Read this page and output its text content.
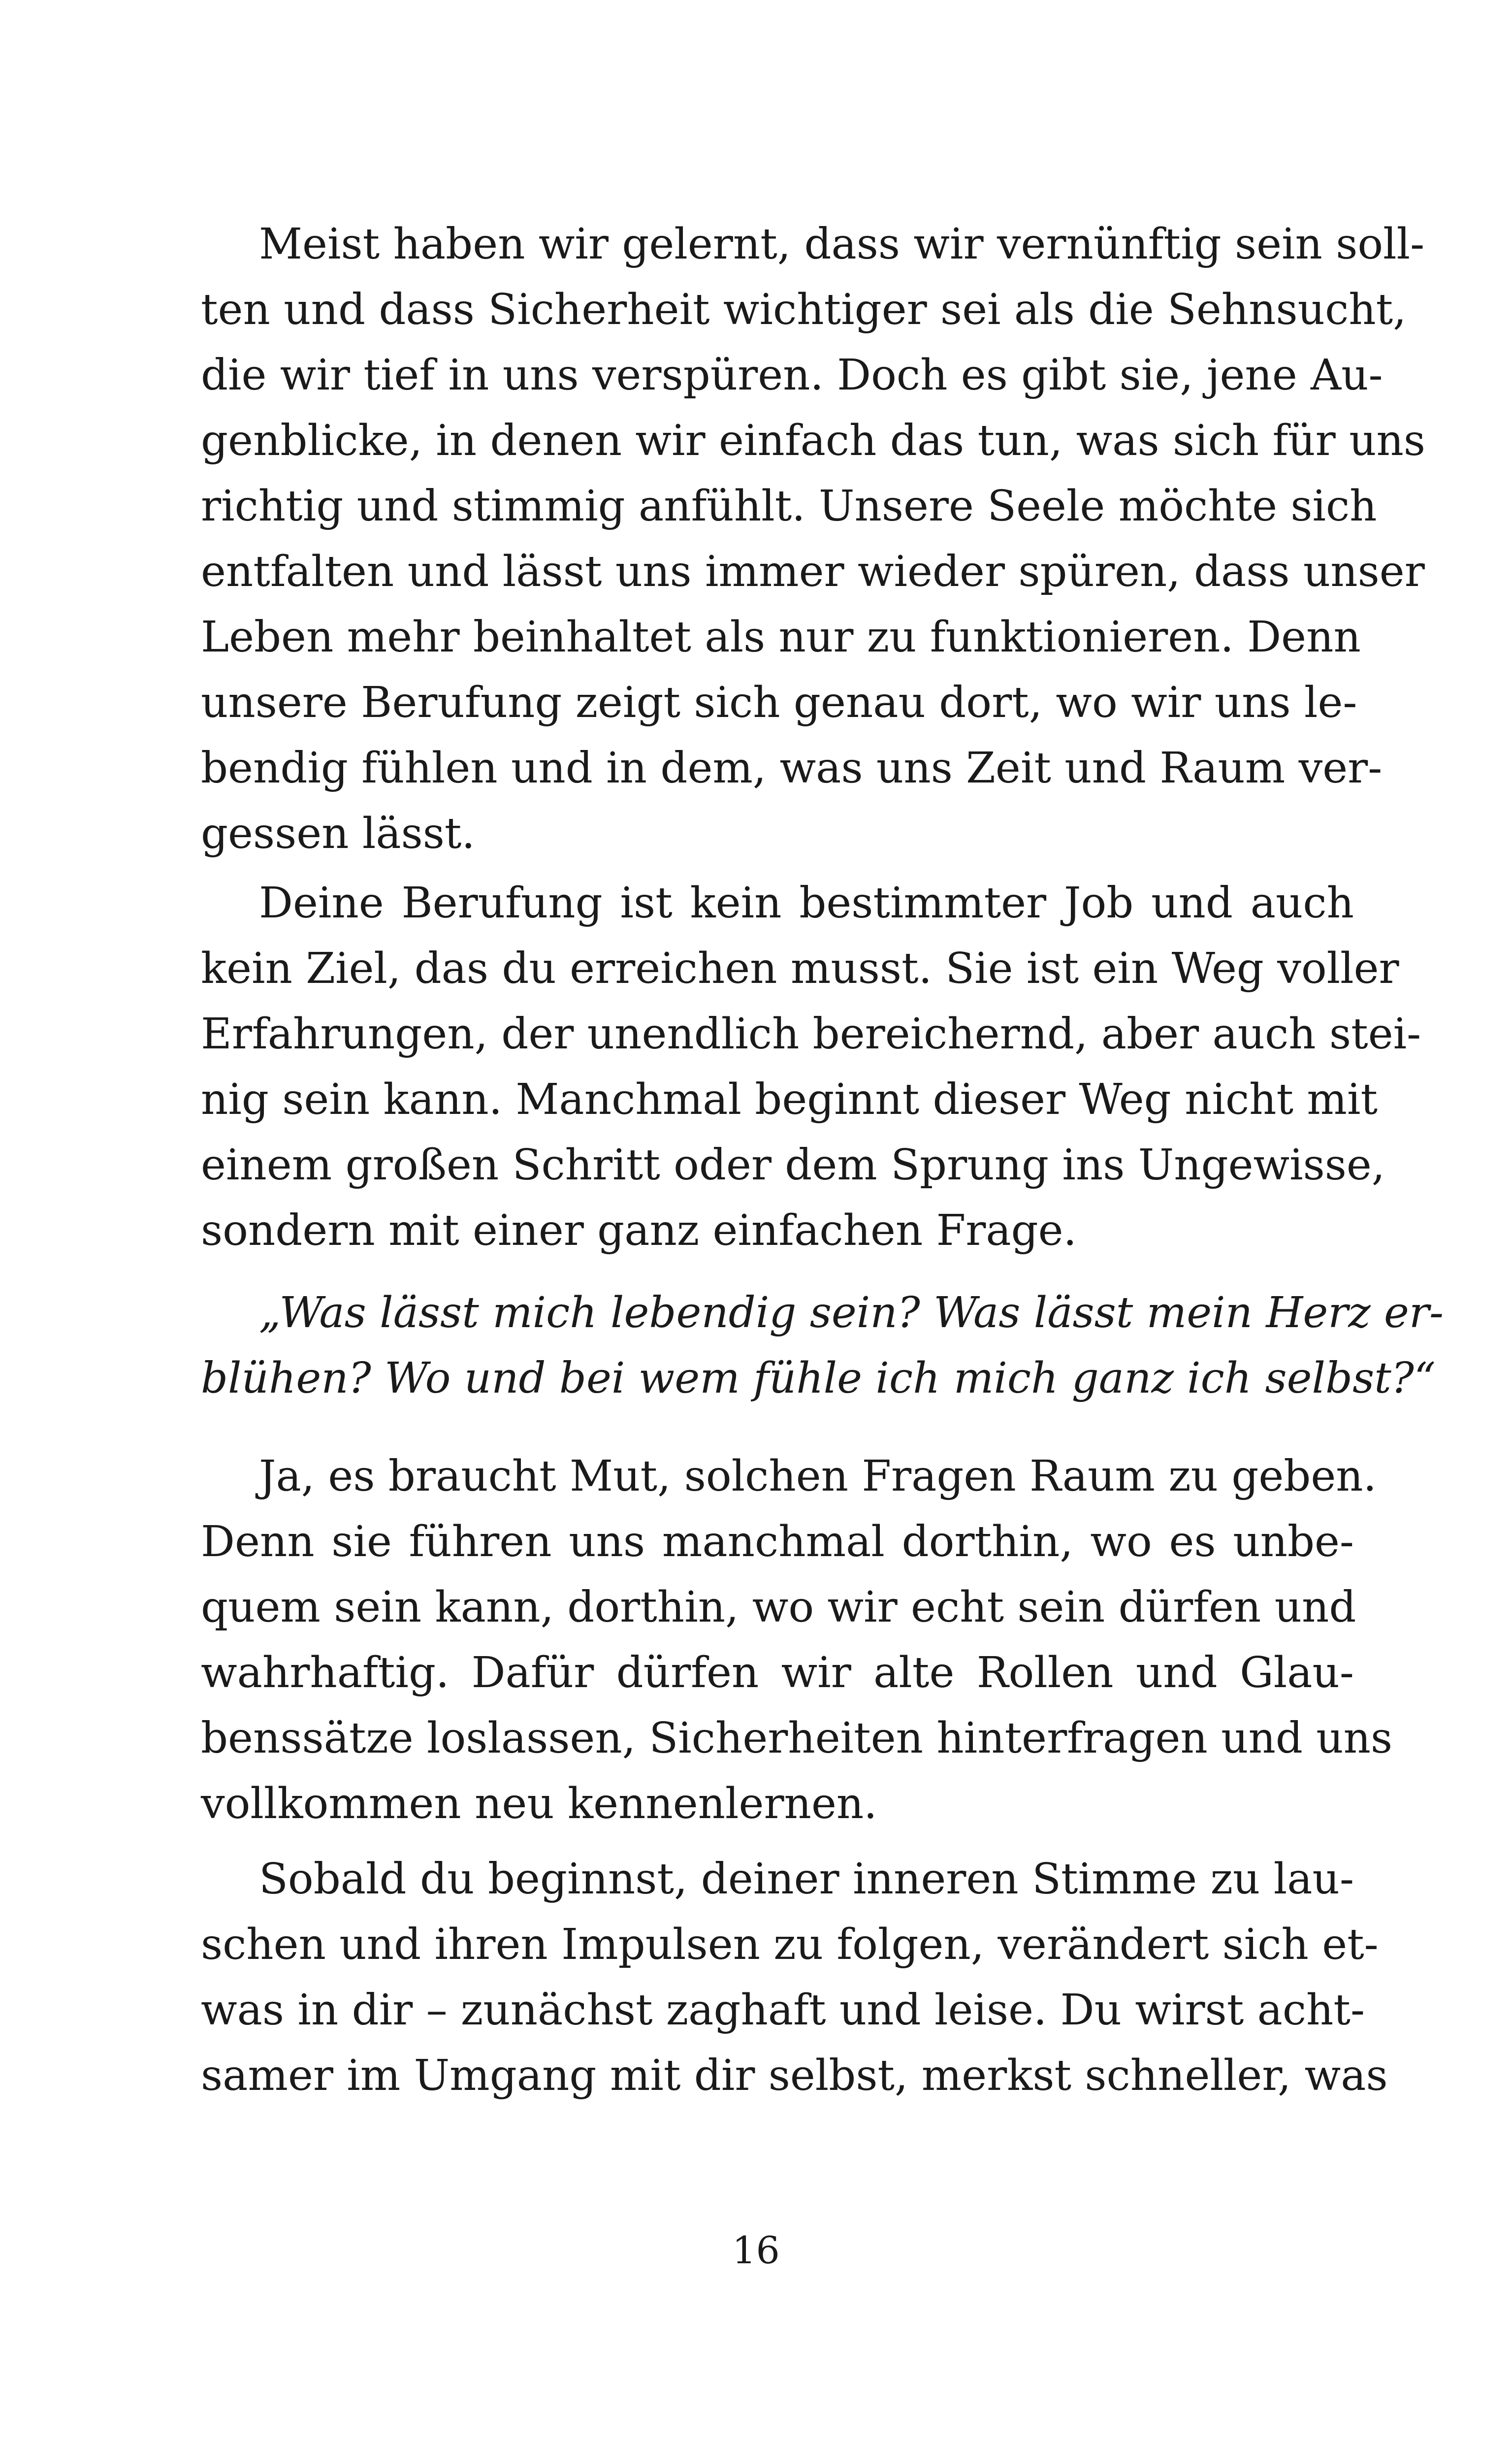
Meist haben wir gelernt, dass wir vernünftig sein soll-
ten und dass Sicherheit wichtiger sei als die Sehnsucht,
die wir tief in uns verspüren. Doch es gibt sie, jene Au-
genblicke, in denen wir einfach das tun, was sich für uns
richtig und stimmig anfühlt. Unsere Seele möchte sich
entfalten und lässt uns immer wieder spüren, dass unser
Leben mehr beinhaltet als nur zu funktionieren. Denn
unsere Berufung zeigt sich genau dort, wo wir uns le-
bendig fühlen und in dem, was uns Zeit und Raum ver-
gessen lässt.
Deine Berufung ist kein bestimmter Job und auch
kein Ziel, das du erreichen musst. Sie ist ein Weg voller
Erfahrungen, der unendlich bereichernd, aber auch stei-
nig sein kann. Manchmal beginnt dieser Weg nicht mit
einem großen Schritt oder dem Sprung ins Ungewisse,
sondern mit einer ganz einfachen Frage.
„Was lässt mich lebendig sein? Was lässt mein Herz er-
blühen? Wo und bei wem fühle ich mich ganz ich selbst?“
Ja, es braucht Mut, solchen Fragen Raum zu geben.
Denn sie führen uns manchmal dorthin, wo es unbe-
quem sein kann, dorthin, wo wir echt sein dürfen und
wahrhaftig. Dafür dürfen wir alte Rollen und Glau-
benssätze loslassen, Sicherheiten hinterfragen und uns
vollkommen neu kennenlernen.
Sobald du beginnst, deiner inneren Stimme zu lau-
schen und ihren Impulsen zu folgen, verändert sich et-
was in dir – zunächst zaghaft und leise. Du wirst acht-
samer im Umgang mit dir selbst, merkst schneller, was
16
